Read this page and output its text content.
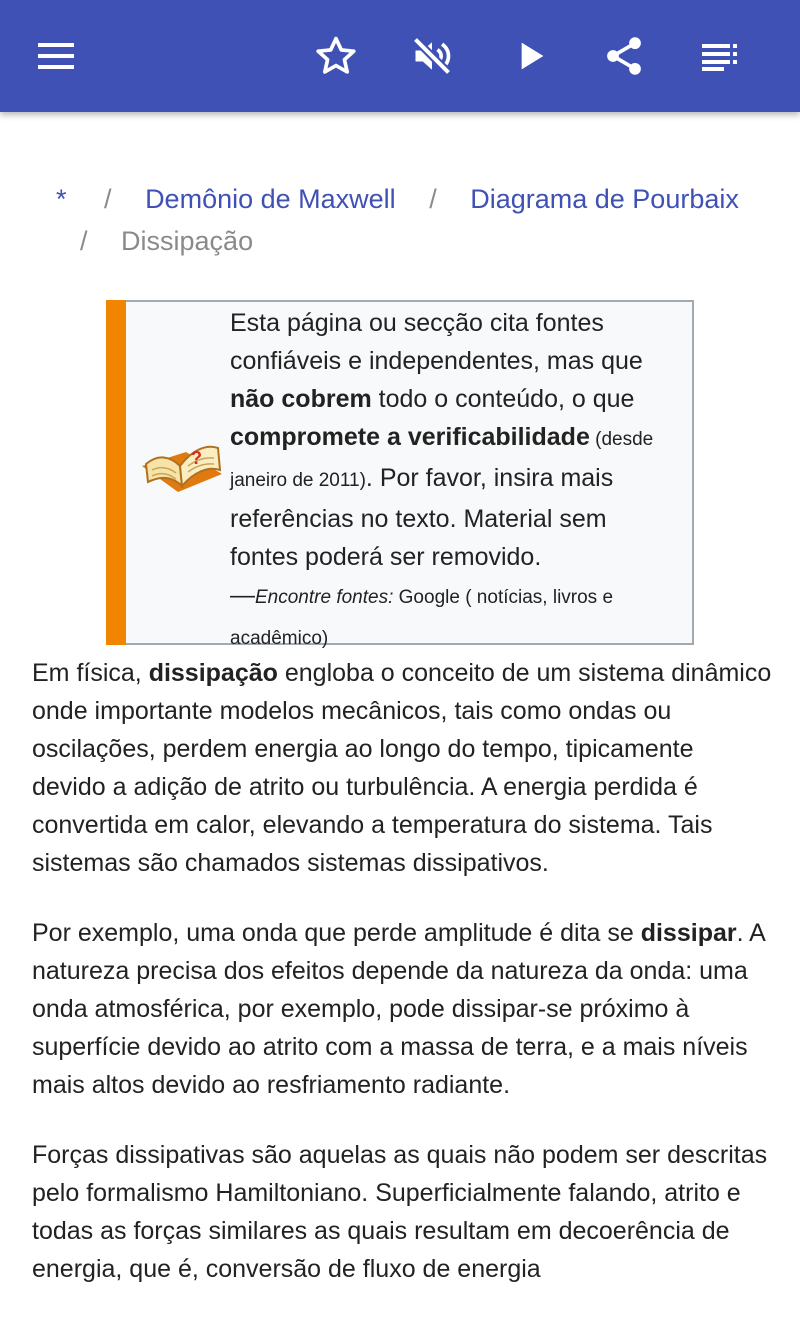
* / Demônio de Maxwell / Diagrama de Pourbaix
/ Dissipação
?
Esta página ou secção cita fontes
confiáveis e independentes, mas que
não cobrem todo o conteúdo, o que
compromete a verificabilidade (desde
janeiro de 2011). Por favor, insira mais
referências no texto. Material sem
fontes poderá ser removido.
—Encontre fontes: Google ( notícias, livros e
acadêmico)

Em física, dissipação engloba o conceito de um sistema dinâmico onde importante modelos mecânicos, tais como ondas ou oscilações, perdem energia ao longo do tempo, tipicamente devido a adição de atrito ou turbulência. A energia perdida é convertida em calor, elevando a temperatura do sistema. Tais sistemas são chamados sistemas dissipativos.

Por exemplo, uma onda que perde amplitude é dita se dissipar. A natureza precisa dos efeitos depende da natureza da onda: uma onda atmosférica, por exemplo, pode dissipar-se próximo à superfície devido ao atrito com a massa de terra, e a mais níveis mais altos devido ao resfriamento radiante.

Forças dissipativas são aquelas as quais não podem ser descritas pelo formalismo Hamiltoniano. Superficialmente falando, atrito e todas as forças similares as quais resultam em decoerência de energia, que é, conversão de fluxo de energia
